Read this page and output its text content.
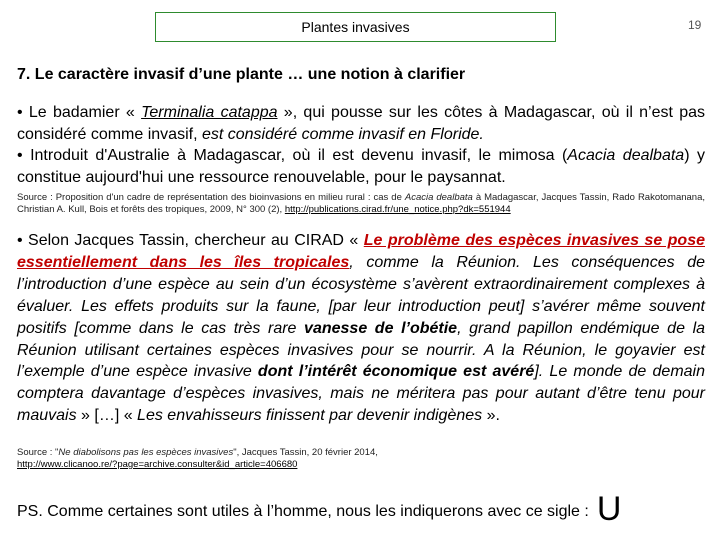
Plantes invasives	19
7. Le caractère invasif d’une plante … une notion à clarifier

• Le badamier « Terminalia catappa », qui pousse sur les côtes à Madagascar, où il n’est pas considéré comme invasif, est considéré comme invasif en Floride.
• Introduit d'Australie à Madagascar, où il est devenu invasif, le mimosa (Acacia dealbata) y constitue aujourd'hui une ressource renouvelable, pour le paysannat.

Source : Proposition d'un cadre de représentation des bioinvasions en milieu rural : cas de Acacia dealbata à Madagascar, Jacques Tassin, Rado Rakotomanana, Christian A. Kull, Bois et forêts des tropiques, 2009, N° 300 (2), http://publications.cirad.fr/une_notice.php?dk=551944

• Selon Jacques Tassin, chercheur au CIRAD « Le problème des espèces invasives se pose essentiellement dans les îles tropicales, comme la Réunion. Les conséquences de l’introduction d’une espèce au sein d’un écosystème s’avèrent extraordinairement complexes à évaluer. Les effets produits sur la faune, [par leur introduction peut] s’avérer même souvent positifs [comme dans le cas très rare vanesse de l’obétie, grand papillon endémique de la Réunion utilisant certaines espèces invasives pour se nourrir. A la Réunion, le goyavier est l’exemple d’une espèce invasive dont l’intérêt économique est avéré]. Le monde de demain comptera davantage d’espèces invasives, mais ne méritera pas pour autant d’être tenu pour mauvais » […] « Les envahisseurs finissent par devenir indigènes ».

Source : "Ne diabolisons pas les espèces invasives", Jacques Tassin, 20 février 2014,
http://www.clicanoo.re/?page=archive.consulter&id_article=406680

PS. Comme certaines sont utiles à l’homme, nous les indiquerons avec ce sigle : U
